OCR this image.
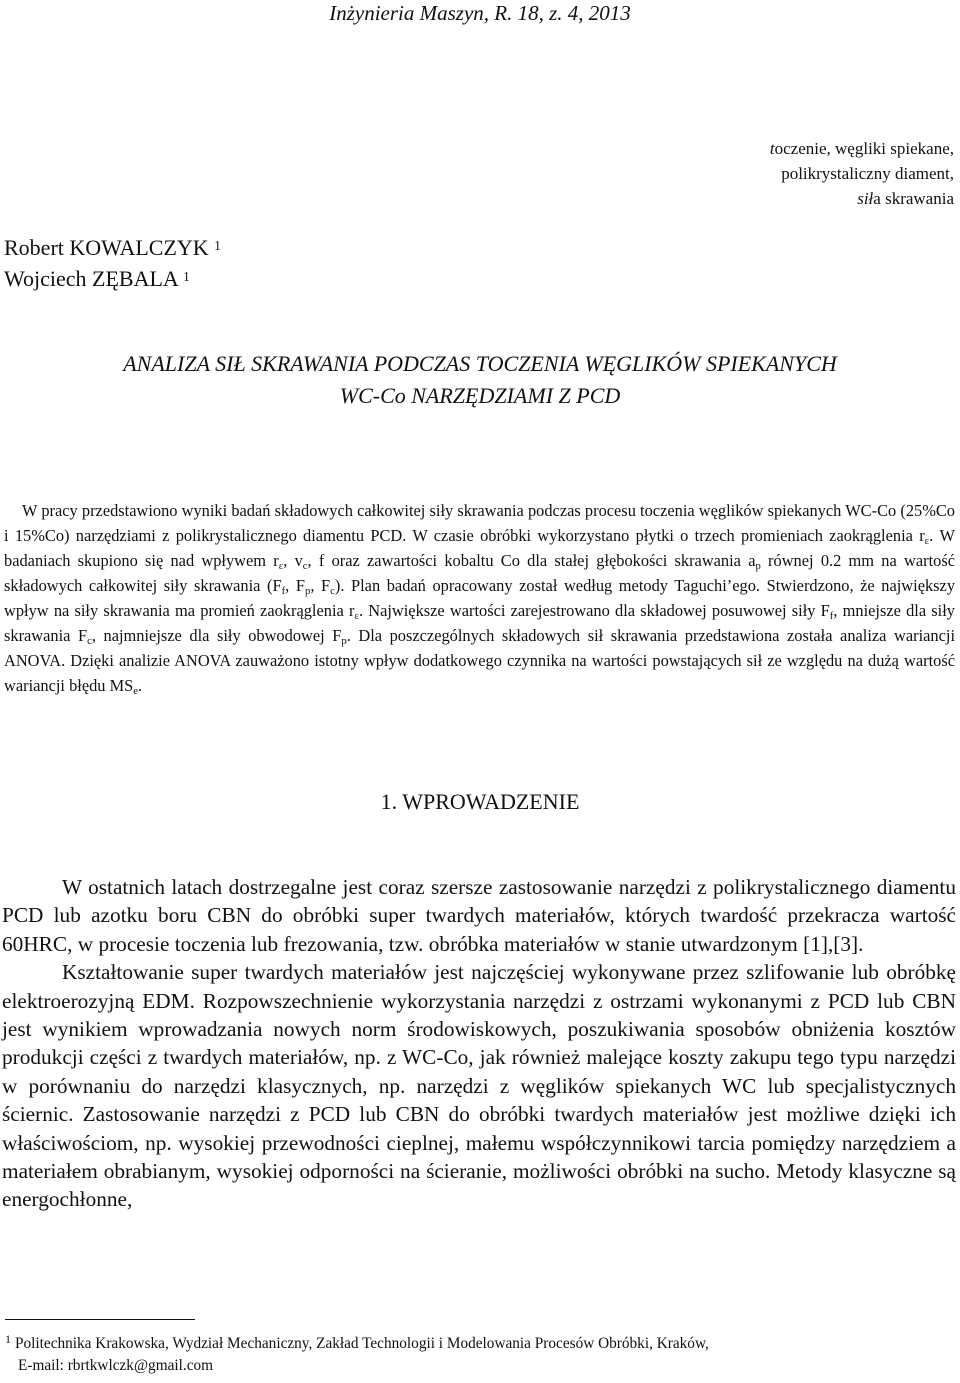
Inżynieria Maszyn, R. 18, z. 4, 2013
toczenie, węgliki spiekane,
polikrystaliczny diament,
siła skrawania
Robert KOWALCZYK $^1$
Wojciech ZĘBALA $^1$
ANALIZA SIŁ SKRAWANIA PODCZAS TOCZENIA WĘGLIKÓW SPIEKANYCH
WC-Co NARZĘDZIAMI Z PCD

W pracy przedstawiono wyniki badań składowych całkowitej siły skrawania podczas procesu toczenia węglików spiekanych WC-Co (25%Co i 15%Co) narzędziami z polikrystalicznego diamentu PCD. W czasie obróbki wykorzystano płytki o trzech promieniach zaokrąglenia $r_\varepsilon$. W badaniach skupiono się nad wpływem $r_\varepsilon$, $v_c$, f oraz zawartości kobaltu Co dla stałej głębokości skrawania $a_p$ równej 0.2 mm na wartość składowych całkowitej siły skrawania ($F_f$, $F_p$, $F_c$). Plan badań opracowany został według metody Taguchi’ego. Stwierdzono, że największy wpływ na siły skrawania ma promień zaokrąglenia $r_\varepsilon$. Największe wartości zarejestrowano dla składowej posuwowej siły $F_f$, mniejsze dla siły skrawania $F_c$, najmniejsze dla siły obwodowej $F_p$. Dla poszczególnych składowych sił skrawania przedstawiona została analiza wariancji ANOVA. Dzięki analizie ANOVA zauważono istotny wpływ dodatkowego czynnika na wartości powstających sił ze względu na dużą wartość wariancji błędu $MS_e$.

1. WPROWADZENIE

W ostatnich latach dostrzegalne jest coraz szersze zastosowanie narzędzi z polikrystalicznego diamentu PCD lub azotku boru CBN do obróbki super twardych materiałów, których twardość przekracza wartość 60HRC, w procesie toczenia lub frezowania, tzw. obróbka materiałów w stanie utwardzonym [1],[3].

Kształtowanie super twardych materiałów jest najczęściej wykonywane przez szlifowanie lub obróbkę elektroerozyjną EDM. Rozpowszechnienie wykorzystania narzędzi z ostrzami wykonanymi z PCD lub CBN jest wynikiem wprowadzania nowych norm środowiskowych, poszukiwania sposobów obniżenia kosztów produkcji części z twardych materiałów, np. z WC-Co, jak również malejące koszty zakupu tego typu narzędzi w porównaniu do narzędzi klasycznych, np. narzędzi z węglików spiekanych WC lub specjalistycznych ściernic. Zastosowanie narzędzi z PCD lub CBN do obróbki twardych materiałów jest możliwe dzięki ich właściwościom, np. wysokiej przewodności cieplnej, małemu współczynnikowi tarcia pomiędzy narzędziem a materiałem obrabianym, wysokiej odporności na ścieranie, możliwości obróbki na sucho. Metody klasyczne są energochłonne,

$^1$ Politechnika Krakowska, Wydział Mechaniczny, Zakład Technologii i Modelowania Procesów Obróbki, Kraków,
E-mail: rbrtkwlczk@gmail.com
